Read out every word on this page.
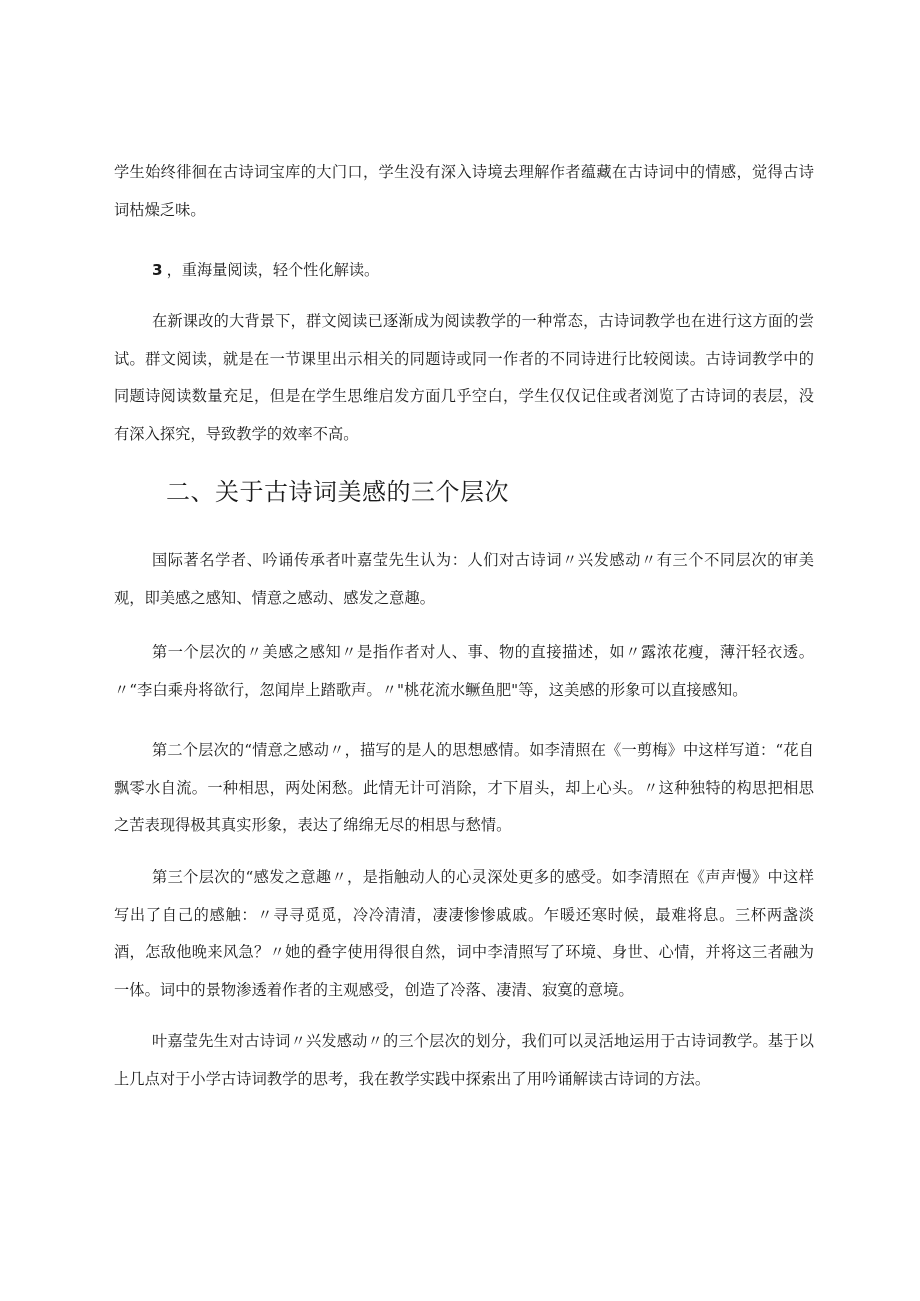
学生始终徘徊在古诗词宝库的大门口，学生没有深入诗境去理解作者蕴藏在古诗词中的情感，觉得古诗词枯燥乏味。

3 ，重海量阅读，轻个性化解读。

在新课改的大背景下，群文阅读已逐渐成为阅读教学的一种常态，古诗词教学也在进行这方面的尝试。群文阅读，就是在一节课里出示相关的同题诗或同一作者的不同诗进行比较阅读。古诗词教学中的同题诗阅读数量充足，但是在学生思维启发方面几乎空白，学生仅仅记住或者浏览了古诗词的表层，没有深入探究，导致教学的效率不高。

二、关于古诗词美感的三个层次

国际著名学者、吟诵传承者叶嘉莹先生认为：人们对古诗词〃兴发感动〃有三个不同层次的审美观，即美感之感知、情意之感动、感发之意趣。

第一个层次的〃美感之感知〃是指作者对人、事、物的直接描述，如〃露浓花瘦，薄汗轻衣透。〃“李白乘舟将欲行，忽闻岸上踏歌声。〃"桃花流水鳜鱼肥"等，这美感的形象可以直接感知。

第二个层次的“情意之感动〃，描写的是人的思想感情。如李清照在《一剪梅》中这样写道：“花自飘零水自流。一种相思，两处闲愁。此情无计可消除，才下眉头，却上心头。〃这种独特的构思把相思之苦表现得极其真实形象，表达了绵绵无尽的相思与愁情。

第三个层次的“感发之意趣〃，是指触动人的心灵深处更多的感受。如李清照在《声声慢》中这样写出了自己的感触：〃寻寻觅觅，冷冷清清，凄凄惨惨戚戚。乍暖还寒时候，最难将息。三杯两盏淡酒，怎敌他晚来风急？〃她的叠字使用得很自然，词中李清照写了环境、身世、心情，并将这三者融为一体。词中的景物渗透着作者的主观感受，创造了冷落、凄清、寂寞的意境。

叶嘉莹先生对古诗词〃兴发感动〃的三个层次的划分，我们可以灵活地运用于古诗词教学。基于以上几点对于小学古诗词教学的思考，我在教学实践中探索出了用吟诵解读古诗词的方法。
